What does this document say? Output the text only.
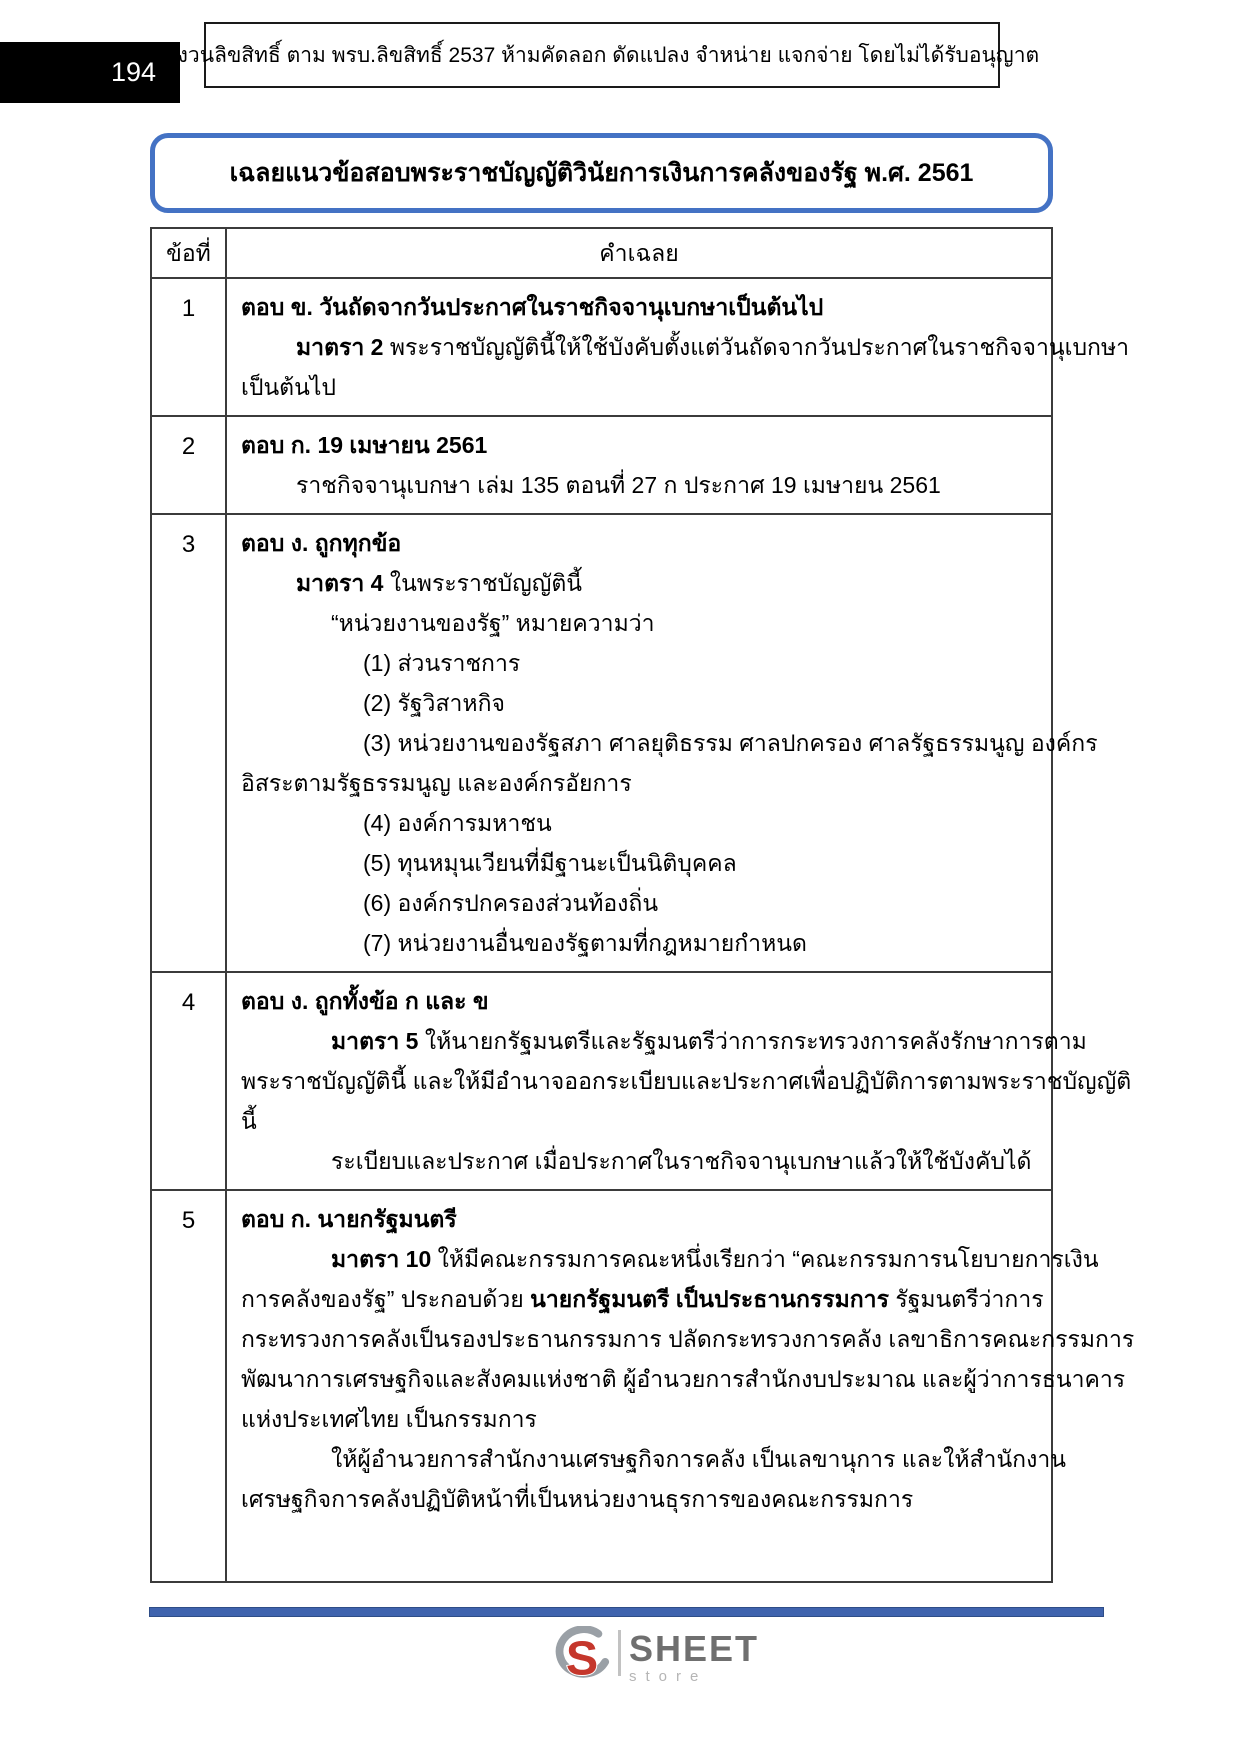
194
สงวนลิขสิทธิ์ ตาม พรบ.ลิขสิทธิ์ 2537 ห้ามคัดลอก ดัดแปลง จำหน่าย แจกจ่าย โดยไม่ได้รับอนุญาต
เฉลยแนวข้อสอบพระราชบัญญัติวินัยการเงินการคลังของรัฐ พ.ศ. 2561
ข้อที่	คำเฉลย
1	ตอบ ข. วันถัดจากวันประกาศในราชกิจจานุเบกษาเป็นต้นไป
มาตรา 2 พระราชบัญญัตินี้ให้ใช้บังคับตั้งแต่วันถัดจากวันประกาศในราชกิจจานุเบกษา
เป็นต้นไป

2	ตอบ ก. 19 เมษายน 2561
ราชกิจจานุเบกษา เล่ม 135 ตอนที่ 27 ก ประกาศ 19 เมษายน 2561

3	ตอบ ง. ถูกทุกข้อ
มาตรา 4 ในพระราชบัญญัตินี้
“หน่วยงานของรัฐ” หมายความว่า
(1) ส่วนราชการ
(2) รัฐวิสาหกิจ
(3) หน่วยงานของรัฐสภา ศาลยุติธรรม ศาลปกครอง ศาลรัฐธรรมนูญ องค์กร
อิสระตามรัฐธรรมนูญ และองค์กรอัยการ
(4) องค์การมหาชน
(5) ทุนหมุนเวียนที่มีฐานะเป็นนิติบุคคล
(6) องค์กรปกครองส่วนท้องถิ่น
(7) หน่วยงานอื่นของรัฐตามที่กฎหมายกำหนด

4	ตอบ ง. ถูกทั้งข้อ ก และ ข
มาตรา 5 ให้นายกรัฐมนตรีและรัฐมนตรีว่าการกระทรวงการคลังรักษาการตาม
พระราชบัญญัตินี้ และให้มีอำนาจออกระเบียบและประกาศเพื่อปฏิบัติการตามพระราชบัญญัติ
นี้
ระเบียบและประกาศ เมื่อประกาศในราชกิจจานุเบกษาแล้วให้ใช้บังคับได้

5	ตอบ ก. นายกรัฐมนตรี
มาตรา 10 ให้มีคณะกรรมการคณะหนึ่งเรียกว่า “คณะกรรมการนโยบายการเงิน
การคลังของรัฐ” ประกอบด้วย นายกรัฐมนตรี เป็นประธานกรรมการ รัฐมนตรีว่าการ
กระทรวงการคลังเป็นรองประธานกรรมการ ปลัดกระทรวงการคลัง เลขาธิการคณะกรรมการ
พัฒนาการเศรษฐกิจและสังคมแห่งชาติ ผู้อำนวยการสำนักงบประมาณ และผู้ว่าการธนาคาร
แห่งประเทศไทย เป็นกรรมการ
ให้ผู้อำนวยการสำนักงานเศรษฐกิจการคลัง เป็นเลขานุการ และให้สำนักงาน
เศรษฐกิจการคลังปฏิบัติหน้าที่เป็นหน่วยงานธุรการของคณะกรรมการ
S SHEET
store
